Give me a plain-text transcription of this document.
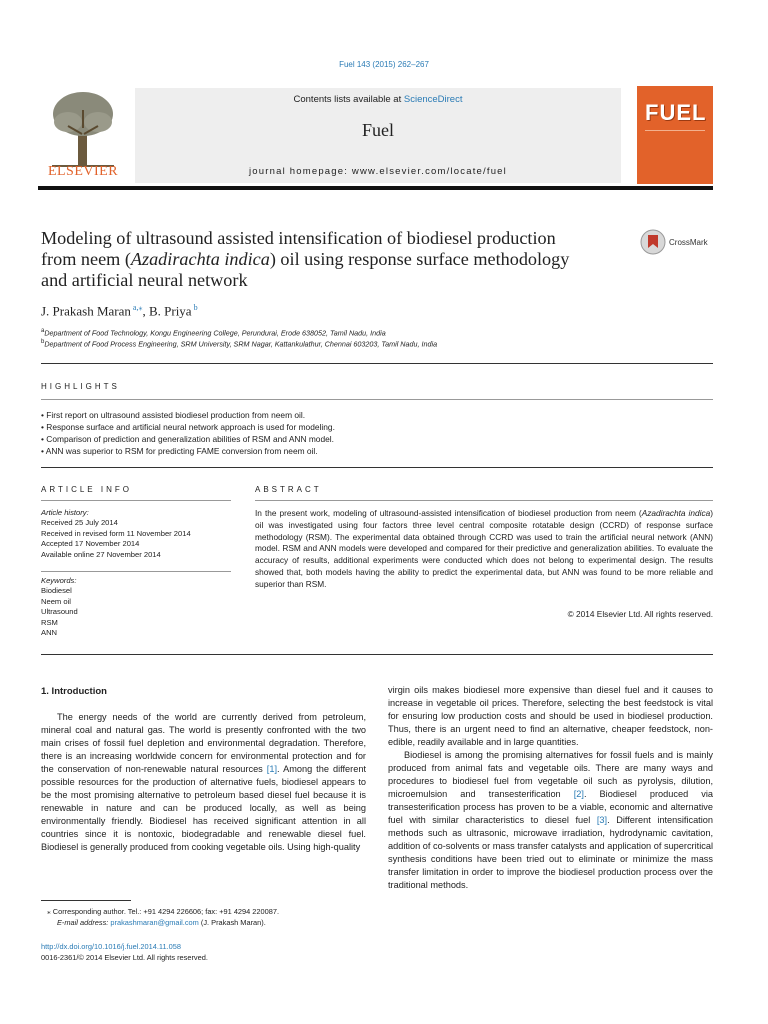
Fuel 143 (2015) 262–267
ELSEVIER
Contents lists available at ScienceDirect
Fuel
journal homepage: www.elsevier.com/locate/fuel
FUEL
Modeling of ultrasound assisted intensification of biodiesel production
from neem (Azadirachta indica) oil using response surface methodology
and artificial neural network
CrossMark
J. Prakash Maran $^{a,⁎}$, B. Priya $^b$
$^a$Department of Food Technology, Kongu Engineering College, Perundurai, Erode 638052, Tamil Nadu, India
$^b$Department of Food Process Engineering, SRM University, SRM Nagar, Kattankulathur, Chennai 603203, Tamil Nadu, India
HIGHLIGHTS
• First report on ultrasound assisted biodiesel production from neem oil.
• Response surface and artificial neural network approach is used for modeling.
• Comparison of prediction and generalization abilities of RSM and ANN model.
• ANN was superior to RSM for predicting FAME conversion from neem oil.
ARTICLE INFO	ABSTRACT
Article history:
Received 25 July 2014
Received in revised form 11 November 2014
Accepted 17 November 2014
Available online 27 November 2014
Keywords:
Biodiesel
Neem oil
Ultrasound
RSM
ANN
In the present work, modeling of ultrasound-assisted intensification of biodiesel production from neem (Azadirachta indica) oil was investigated using four factors three level central composite rotatable design (CCRD) of response surface methodology (RSM). The experimental data obtained through CCRD was used to train the artificial neural network (ANN) model. RSM and ANN models were developed and compared for their predictive and generalization abilities. To evaluate the accuracy of results, additional experiments were conducted which does not belong to experimental design. The results showed that, both models having the ability to predict the experimental data, but ANN was found to be more reliable and superior than RSM.
© 2014 Elsevier Ltd. All rights reserved.
1. Introduction

The energy needs of the world are currently derived from petroleum, mineral coal and natural gas. The world is presently confronted with the two main crises of fossil fuel depletion and environmental degradation. Therefore, there is an increasing worldwide concern for environmental protection and for the conservation of non-renewable natural resources [1]. Among the different possible resources for the production of alternative fuels, biodiesel appears to be the most promising alternative to petroleum based diesel fuel because it is renewable in nature and can be produced locally, as well as being environmentally friendly. Biodiesel has received significant attention in all countries since it is nontoxic, biodegradable and renewable diesel fuel. Biodiesel is generally produced from cooking vegetable oils. Using high-quality

virgin oils makes biodiesel more expensive than diesel fuel and it causes to increase in vegetable oil prices. Therefore, selecting the best feedstock is vital for ensuring low production costs and should be used in biodiesel production. Thus, there is an urgent need to find an alternative, cheaper feedstock, non-edible, readily available and in large quantities.

Biodiesel is among the promising alternatives for fossil fuels and is mainly produced from animal fats and vegetable oils. There are many ways and procedures to biodiesel fuel from vegetable oil such as pyrolysis, dilution, microemulsion and transesterification [2]. Biodiesel produced via transesterification process has proven to be a viable, economic and alternative fuel with similar characteristics to diesel fuel [3]. Different intensification methods such as ultrasonic, microwave irradiation, hydrodynamic cavitation, addition of co-solvents or mass transfer catalysts and application of supercritical synthesis conditions have been tried out to eliminate or minimize the mass transfer limitation in order to improve the biodiesel production process over the traditional methods.

⁎ Corresponding author. Tel.: +91 4294 226606; fax: +91 4294 220087.
E-mail address: prakashmaran@gmail.com (J. Prakash Maran).
http://dx.doi.org/10.1016/j.fuel.2014.11.058
0016-2361/© 2014 Elsevier Ltd. All rights reserved.
